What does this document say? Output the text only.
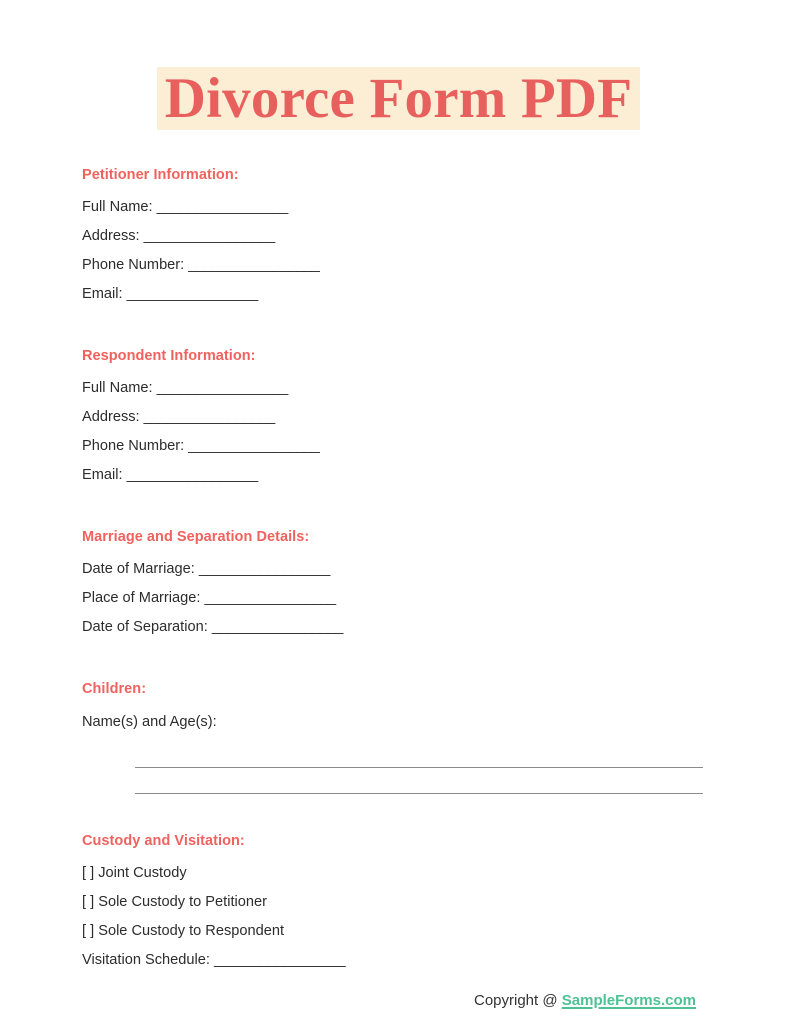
Divorce Form PDF

Petitioner Information:

Full Name: _________________

Address: _________________

Phone Number: _________________

Email: _________________

Respondent Information:

Full Name: _________________

Address: _________________

Phone Number: _________________

Email: _________________

Marriage and Separation Details:

Date of Marriage: _________________

Place of Marriage: _________________

Date of Separation: _________________

Children:

Name(s) and Age(s):

Custody and Visitation:

[ ] Joint Custody

[ ] Sole Custody to Petitioner

[ ] Sole Custody to Respondent

Visitation Schedule: _________________

Copyright @ SampleForms.com
